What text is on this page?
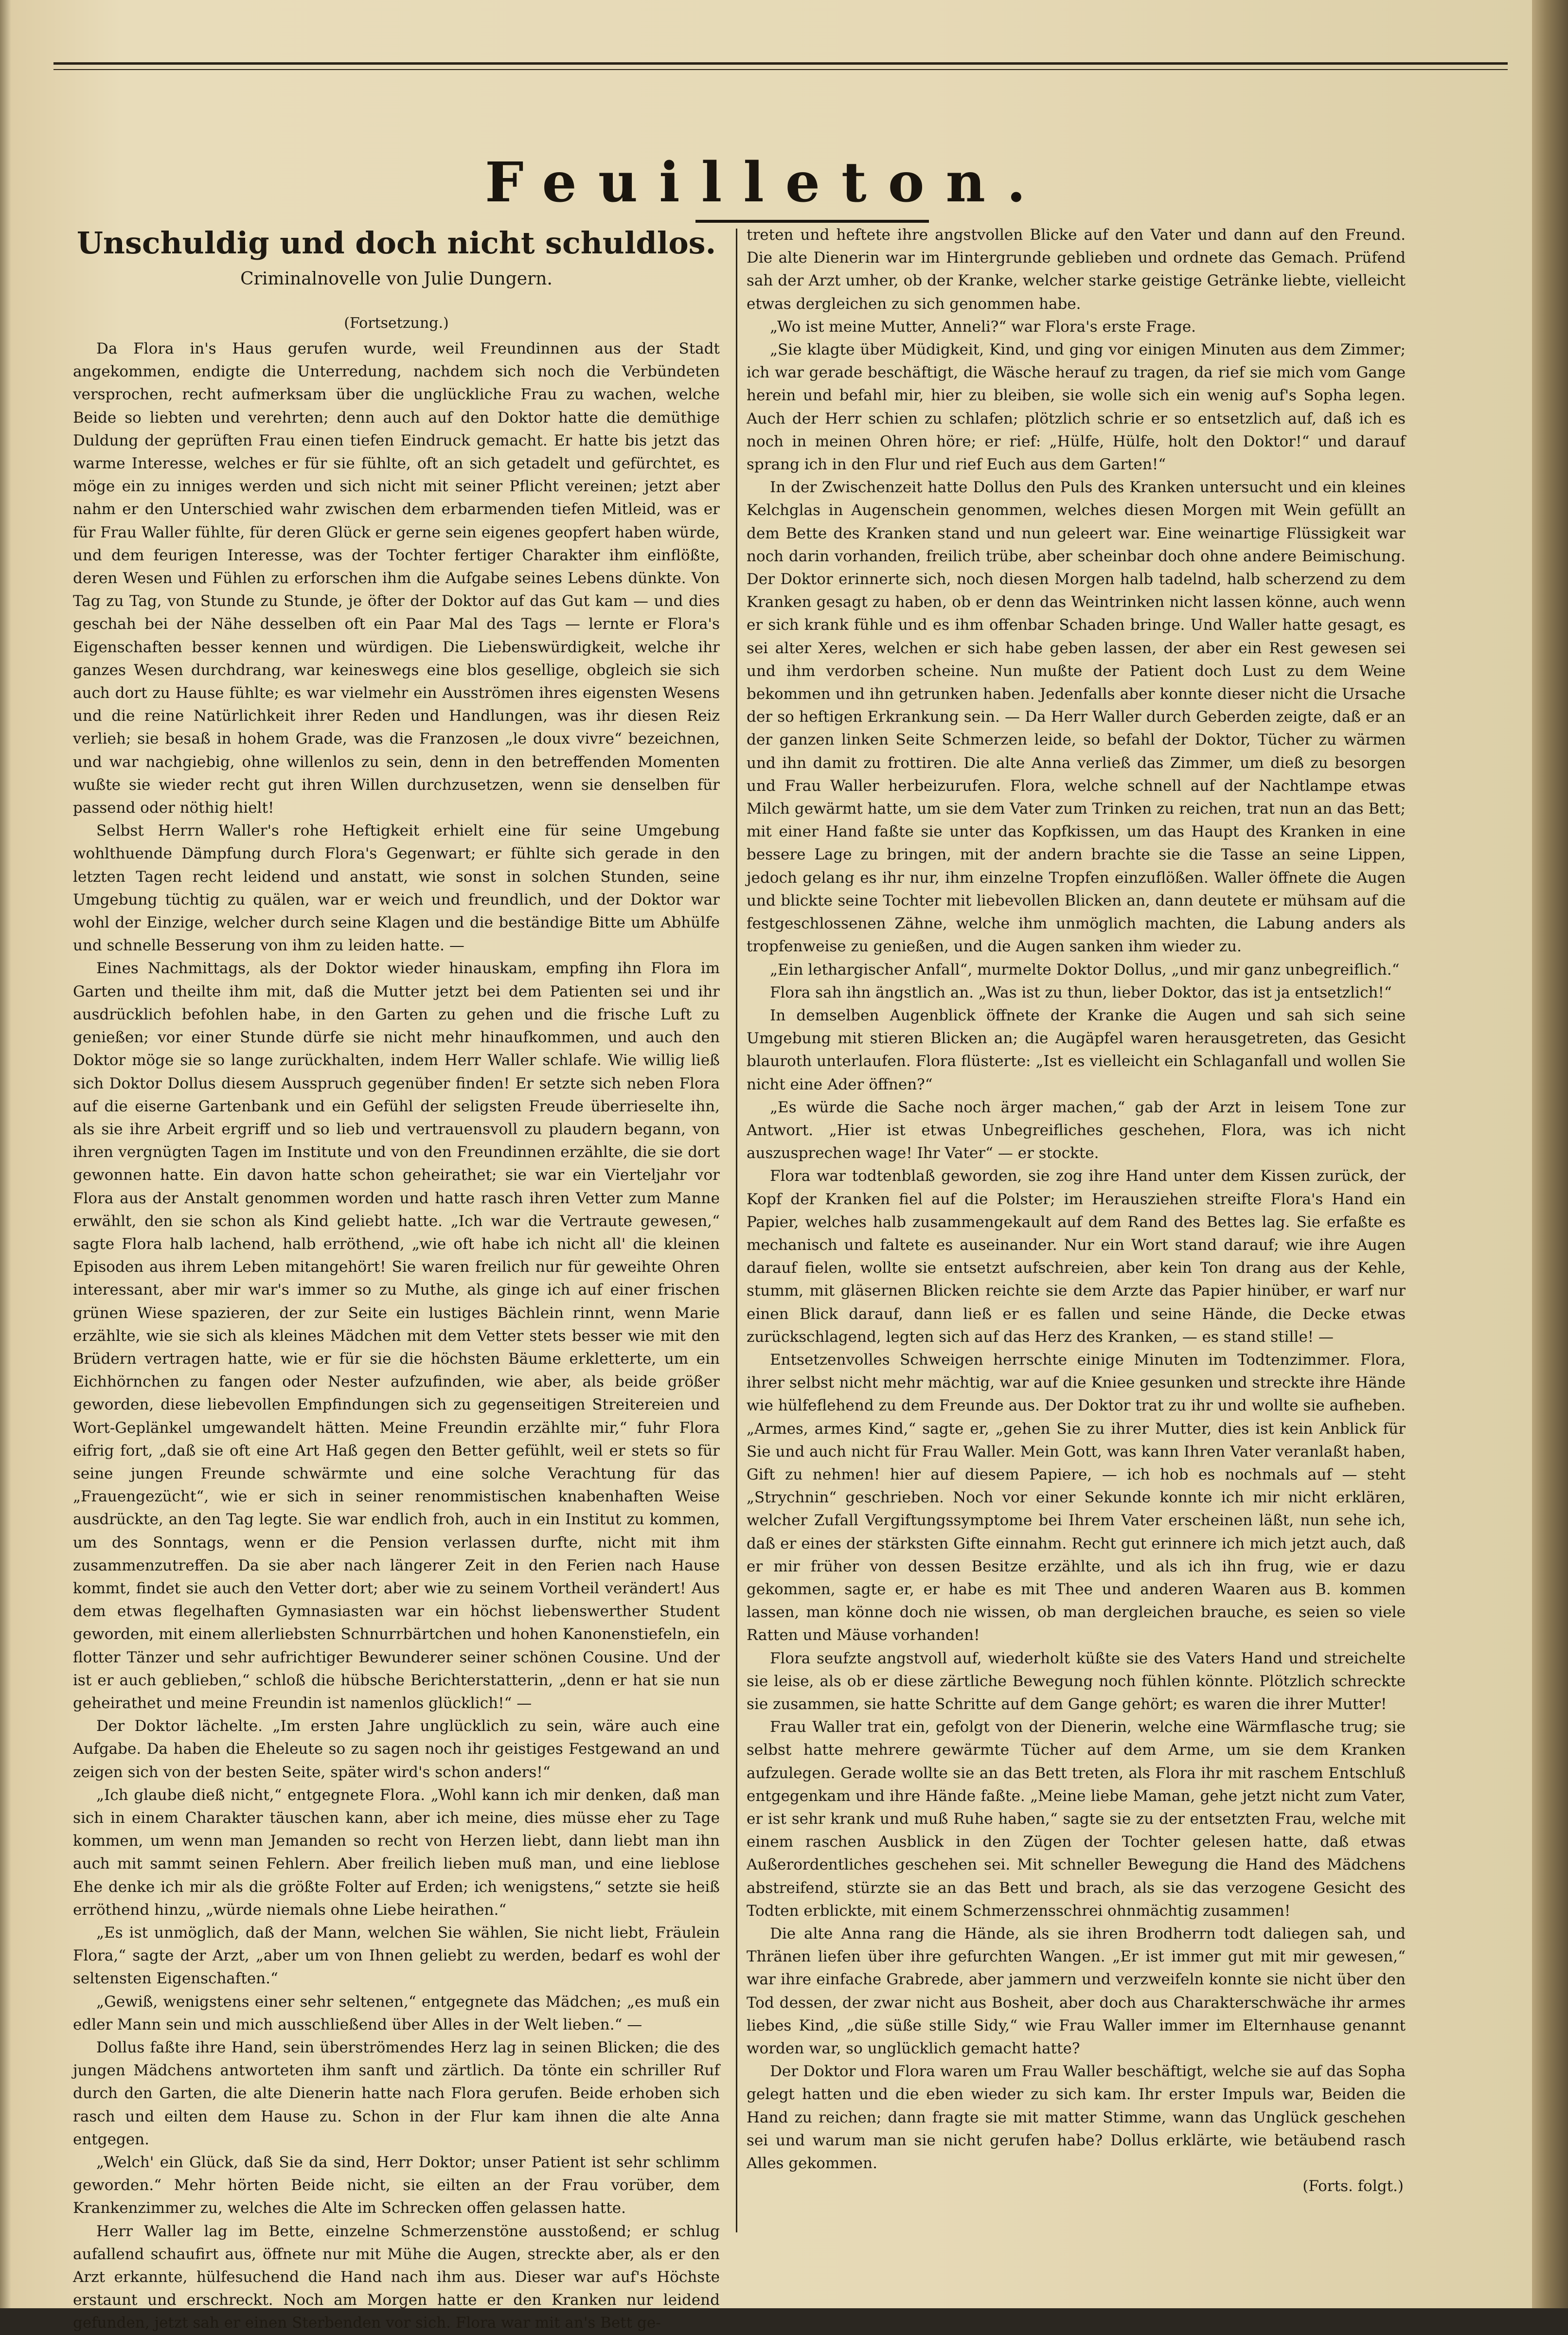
Feuilleton.
Unschuldig und doch nicht schuldlos.
Criminalnovelle von Julie Dungern.
(Fortsetzung.)

Da Flora in's Haus gerufen wurde, weil Freundinnen aus der Stadt angekommen, endigte die Unterredung, nachdem sich noch die Verbündeten versprochen, recht aufmerksam über die unglückliche Frau zu wachen, welche Beide so liebten und verehrten; denn auch auf den Doktor hatte die demüthige Duldung der geprüften Frau einen tiefen Eindruck gemacht. Er hatte bis jetzt das warme Interesse, welches er für sie fühlte, oft an sich getadelt und gefürchtet, es möge ein zu inniges werden und sich nicht mit seiner Pflicht vereinen; jetzt aber nahm er den Unterschied wahr zwischen dem erbarmenden tiefen Mitleid, was er für Frau Waller fühlte, für deren Glück er gerne sein eigenes geopfert haben würde, und dem feurigen Interesse, was der Tochter fertiger Charakter ihm einflößte, deren Wesen und Fühlen zu erforschen ihm die Aufgabe seines Lebens dünkte. Von Tag zu Tag, von Stunde zu Stunde, je öfter der Doktor auf das Gut kam — und dies geschah bei der Nähe desselben oft ein Paar Mal des Tags — lernte er Flora's Eigenschaften besser kennen und würdigen. Die Liebenswürdigkeit, welche ihr ganzes Wesen durchdrang, war keineswegs eine blos gesellige, obgleich sie sich auch dort zu Hause fühlte; es war vielmehr ein Ausströmen ihres eigensten Wesens und die reine Natürlichkeit ihrer Reden und Handlungen, was ihr diesen Reiz verlieh; sie besaß in hohem Grade, was die Franzosen „le doux vivre“ bezeichnen, und war nachgiebig, ohne willenlos zu sein, denn in den betreffenden Momenten wußte sie wieder recht gut ihren Willen durchzusetzen, wenn sie denselben für passend oder nöthig hielt!

Selbst Herrn Waller's rohe Heftigkeit erhielt eine für seine Umgebung wohlthuende Dämpfung durch Flora's Gegenwart; er fühlte sich gerade in den letzten Tagen recht leidend und anstatt, wie sonst in solchen Stunden, seine Umgebung tüchtig zu quälen, war er weich und freundlich, und der Doktor war wohl der Einzige, welcher durch seine Klagen und die beständige Bitte um Abhülfe und schnelle Besserung von ihm zu leiden hatte. —

Eines Nachmittags, als der Doktor wieder hinauskam, empfing ihn Flora im Garten und theilte ihm mit, daß die Mutter jetzt bei dem Patienten sei und ihr ausdrücklich befohlen habe, in den Garten zu gehen und die frische Luft zu genießen; vor einer Stunde dürfe sie nicht mehr hinaufkommen, und auch den Doktor möge sie so lange zurückhalten, indem Herr Waller schlafe. Wie willig ließ sich Doktor Dollus diesem Ausspruch gegenüber finden! Er setzte sich neben Flora auf die eiserne Gartenbank und ein Gefühl der seligsten Freude überrieselte ihn, als sie ihre Arbeit ergriff und so lieb und vertrauensvoll zu plaudern begann, von ihren vergnügten Tagen im Institute und von den Freundinnen erzählte, die sie dort gewonnen hatte. Ein davon hatte schon geheirathet; sie war ein Vierteljahr vor Flora aus der Anstalt genommen worden und hatte rasch ihren Vetter zum Manne erwählt, den sie schon als Kind geliebt hatte. „Ich war die Vertraute gewesen,“ sagte Flora halb lachend, halb erröthend, „wie oft habe ich nicht all' die kleinen Episoden aus ihrem Leben mitangehört! Sie waren freilich nur für geweihte Ohren interessant, aber mir war's immer so zu Muthe, als ginge ich auf einer frischen grünen Wiese spazieren, der zur Seite ein lustiges Bächlein rinnt, wenn Marie erzählte, wie sie sich als kleines Mädchen mit dem Vetter stets besser wie mit den Brüdern vertragen hatte, wie er für sie die höchsten Bäume erkletterte, um ein Eichhörnchen zu fangen oder Nester aufzufinden, wie aber, als beide größer geworden, diese liebevollen Empfindungen sich zu gegenseitigen Streitereien und Wort-Geplänkel umgewandelt hätten. Meine Freundin erzählte mir,“ fuhr Flora eifrig fort, „daß sie oft eine Art Haß gegen den Better gefühlt, weil er stets so für seine jungen Freunde schwärmte und eine solche Verachtung für das „Frauengezücht“, wie er sich in seiner renommistischen knabenhaften Weise ausdrückte, an den Tag legte. Sie war endlich froh, auch in ein Institut zu kommen, um des Sonntags, wenn er die Pension verlassen durfte, nicht mit ihm zusammenzutreffen. Da sie aber nach längerer Zeit in den Ferien nach Hause kommt, findet sie auch den Vetter dort; aber wie zu seinem Vortheil verändert! Aus dem etwas flegelhaften Gymnasiasten war ein höchst liebenswerther Student geworden, mit einem allerliebsten Schnurrbärtchen und hohen Kanonenstiefeln, ein flotter Tänzer und sehr aufrichtiger Bewunderer seiner schönen Cousine. Und der ist er auch geblieben,“ schloß die hübsche Berichterstatterin, „denn er hat sie nun geheirathet und meine Freundin ist namenlos glücklich!“ —

Der Doktor lächelte. „Im ersten Jahre unglücklich zu sein, wäre auch eine Aufgabe. Da haben die Eheleute so zu sagen noch ihr geistiges Festgewand an und zeigen sich von der besten Seite, später wird's schon anders!“

„Ich glaube dieß nicht,“ entgegnete Flora. „Wohl kann ich mir denken, daß man sich in einem Charakter täuschen kann, aber ich meine, dies müsse eher zu Tage kommen, um wenn man Jemanden so recht von Herzen liebt, dann liebt man ihn auch mit sammt seinen Fehlern. Aber freilich lieben muß man, und eine lieblose Ehe denke ich mir als die größte Folter auf Erden; ich wenigstens,“ setzte sie heiß erröthend hinzu, „würde niemals ohne Liebe heirathen.“

„Es ist unmöglich, daß der Mann, welchen Sie wählen, Sie nicht liebt, Fräulein Flora,“ sagte der Arzt, „aber um von Ihnen geliebt zu werden, bedarf es wohl der seltensten Eigenschaften.“

„Gewiß, wenigstens einer sehr seltenen,“ entgegnete das Mädchen; „es muß ein edler Mann sein und mich ausschließend über Alles in der Welt lieben.“ —

Dollus faßte ihre Hand, sein überströmendes Herz lag in seinen Blicken; die des jungen Mädchens antworteten ihm sanft und zärtlich. Da tönte ein schriller Ruf durch den Garten, die alte Dienerin hatte nach Flora gerufen. Beide erhoben sich rasch und eilten dem Hause zu. Schon in der Flur kam ihnen die alte Anna entgegen.

„Welch' ein Glück, daß Sie da sind, Herr Doktor; unser Patient ist sehr schlimm geworden.“ Mehr hörten Beide nicht, sie eilten an der Frau vorüber, dem Krankenzimmer zu, welches die Alte im Schrecken offen gelassen hatte.

Herr Waller lag im Bette, einzelne Schmerzenstöne ausstoßend; er schlug aufallend schaufirt aus, öffnete nur mit Mühe die Augen, streckte aber, als er den Arzt erkannte, hülfesuchend die Hand nach ihm aus. Dieser war auf's Höchste erstaunt und erschreckt. Noch am Morgen hatte er den Kranken nur leidend gefunden, jetzt sah er einen Sterbenden vor sich. Flora war mit an's Bett ge-

treten und heftete ihre angstvollen Blicke auf den Vater und dann auf den Freund. Die alte Dienerin war im Hintergrunde geblieben und ordnete das Gemach. Prüfend sah der Arzt umher, ob der Kranke, welcher starke geistige Getränke liebte, vielleicht etwas dergleichen zu sich genommen habe.

„Wo ist meine Mutter, Anneli?“ war Flora's erste Frage.

„Sie klagte über Müdigkeit, Kind, und ging vor einigen Minuten aus dem Zimmer; ich war gerade beschäftigt, die Wäsche herauf zu tragen, da rief sie mich vom Gange herein und befahl mir, hier zu bleiben, sie wolle sich ein wenig auf's Sopha legen. Auch der Herr schien zu schlafen; plötzlich schrie er so entsetzlich auf, daß ich es noch in meinen Ohren höre; er rief: „Hülfe, Hülfe, holt den Doktor!“ und darauf sprang ich in den Flur und rief Euch aus dem Garten!“

In der Zwischenzeit hatte Dollus den Puls des Kranken untersucht und ein kleines Kelchglas in Augenschein genommen, welches diesen Morgen mit Wein gefüllt an dem Bette des Kranken stand und nun geleert war. Eine weinartige Flüssigkeit war noch darin vorhanden, freilich trübe, aber scheinbar doch ohne andere Beimischung. Der Doktor erinnerte sich, noch diesen Morgen halb tadelnd, halb scherzend zu dem Kranken gesagt zu haben, ob er denn das Weintrinken nicht lassen könne, auch wenn er sich krank fühle und es ihm offenbar Schaden bringe. Und Waller hatte gesagt, es sei alter Xeres, welchen er sich habe geben lassen, der aber ein Rest gewesen sei und ihm verdorben scheine. Nun mußte der Patient doch Lust zu dem Weine bekommen und ihn getrunken haben. Jedenfalls aber konnte dieser nicht die Ursache der so heftigen Erkrankung sein. — Da Herr Waller durch Geberden zeigte, daß er an der ganzen linken Seite Schmerzen leide, so befahl der Doktor, Tücher zu wärmen und ihn damit zu frottiren. Die alte Anna verließ das Zimmer, um dieß zu besorgen und Frau Waller herbeizurufen. Flora, welche schnell auf der Nachtlampe etwas Milch gewärmt hatte, um sie dem Vater zum Trinken zu reichen, trat nun an das Bett; mit einer Hand faßte sie unter das Kopfkissen, um das Haupt des Kranken in eine bessere Lage zu bringen, mit der andern brachte sie die Tasse an seine Lippen, jedoch gelang es ihr nur, ihm einzelne Tropfen einzuflößen. Waller öffnete die Augen und blickte seine Tochter mit liebevollen Blicken an, dann deutete er mühsam auf die festgeschlossenen Zähne, welche ihm unmöglich machten, die Labung anders als tropfenweise zu genießen, und die Augen sanken ihm wieder zu.

„Ein lethargischer Anfall“, murmelte Doktor Dollus, „und mir ganz unbegreiflich.“

Flora sah ihn ängstlich an. „Was ist zu thun, lieber Doktor, das ist ja entsetzlich!“

In demselben Augenblick öffnete der Kranke die Augen und sah sich seine Umgebung mit stieren Blicken an; die Augäpfel waren herausgetreten, das Gesicht blauroth unterlaufen. Flora flüsterte: „Ist es vielleicht ein Schlaganfall und wollen Sie nicht eine Ader öffnen?“

„Es würde die Sache noch ärger machen,“ gab der Arzt in leisem Tone zur Antwort. „Hier ist etwas Unbegreifliches geschehen, Flora, was ich nicht auszusprechen wage! Ihr Vater“ — er stockte.

Flora war todtenblaß geworden, sie zog ihre Hand unter dem Kissen zurück, der Kopf der Kranken fiel auf die Polster; im Herausziehen streifte Flora's Hand ein Papier, welches halb zusammengekault auf dem Rand des Bettes lag. Sie erfaßte es mechanisch und faltete es auseinander. Nur ein Wort stand darauf; wie ihre Augen darauf fielen, wollte sie entsetzt aufschreien, aber kein Ton drang aus der Kehle, stumm, mit gläsernen Blicken reichte sie dem Arzte das Papier hinüber, er warf nur einen Blick darauf, dann ließ er es fallen und seine Hände, die Decke etwas zurückschlagend, legten sich auf das Herz des Kranken, — es stand stille! —

Entsetzenvolles Schweigen herrschte einige Minuten im Todtenzimmer. Flora, ihrer selbst nicht mehr mächtig, war auf die Kniee gesunken und streckte ihre Hände wie hülfeflehend zu dem Freunde aus. Der Doktor trat zu ihr und wollte sie aufheben. „Armes, armes Kind,“ sagte er, „gehen Sie zu ihrer Mutter, dies ist kein Anblick für Sie und auch nicht für Frau Waller. Mein Gott, was kann Ihren Vater veranlaßt haben, Gift zu nehmen! hier auf diesem Papiere, — ich hob es nochmals auf — steht „Strychnin“ geschrieben. Noch vor einer Sekunde konnte ich mir nicht erklären, welcher Zufall Vergiftungssymptome bei Ihrem Vater erscheinen läßt, nun sehe ich, daß er eines der stärksten Gifte einnahm. Recht gut erinnere ich mich jetzt auch, daß er mir früher von dessen Besitze erzählte, und als ich ihn frug, wie er dazu gekommen, sagte er, er habe es mit Thee und anderen Waaren aus B. kommen lassen, man könne doch nie wissen, ob man dergleichen brauche, es seien so viele Ratten und Mäuse vorhanden!

Flora seufzte angstvoll auf, wiederholt küßte sie des Vaters Hand und streichelte sie leise, als ob er diese zärtliche Bewegung noch fühlen könnte. Plötzlich schreckte sie zusammen, sie hatte Schritte auf dem Gange gehört; es waren die ihrer Mutter!

Frau Waller trat ein, gefolgt von der Dienerin, welche eine Wärmflasche trug; sie selbst hatte mehrere gewärmte Tücher auf dem Arme, um sie dem Kranken aufzulegen. Gerade wollte sie an das Bett treten, als Flora ihr mit raschem Entschluß entgegenkam und ihre Hände faßte. „Meine liebe Maman, gehe jetzt nicht zum Vater, er ist sehr krank und muß Ruhe haben,“ sagte sie zu der entsetzten Frau, welche mit einem raschen Ausblick in den Zügen der Tochter gelesen hatte, daß etwas Außerordentliches geschehen sei. Mit schneller Bewegung die Hand des Mädchens abstreifend, stürzte sie an das Bett und brach, als sie das verzogene Gesicht des Todten erblickte, mit einem Schmerzensschrei ohnmächtig zusammen!

Die alte Anna rang die Hände, als sie ihren Brodherrn todt daliegen sah, und Thränen liefen über ihre gefurchten Wangen. „Er ist immer gut mit mir gewesen,“ war ihre einfache Grabrede, aber jammern und verzweifeln konnte sie nicht über den Tod dessen, der zwar nicht aus Bosheit, aber doch aus Charakterschwäche ihr armes liebes Kind, „die süße stille Sidy,“ wie Frau Waller immer im Elternhause genannt worden war, so unglücklich gemacht hatte?

Der Doktor und Flora waren um Frau Waller beschäftigt, welche sie auf das Sopha gelegt hatten und die eben wieder zu sich kam. Ihr erster Impuls war, Beiden die Hand zu reichen; dann fragte sie mit matter Stimme, wann das Unglück geschehen sei und warum man sie nicht gerufen habe? Dollus erklärte, wie betäubend rasch Alles gekommen.

(Forts. folgt.)
